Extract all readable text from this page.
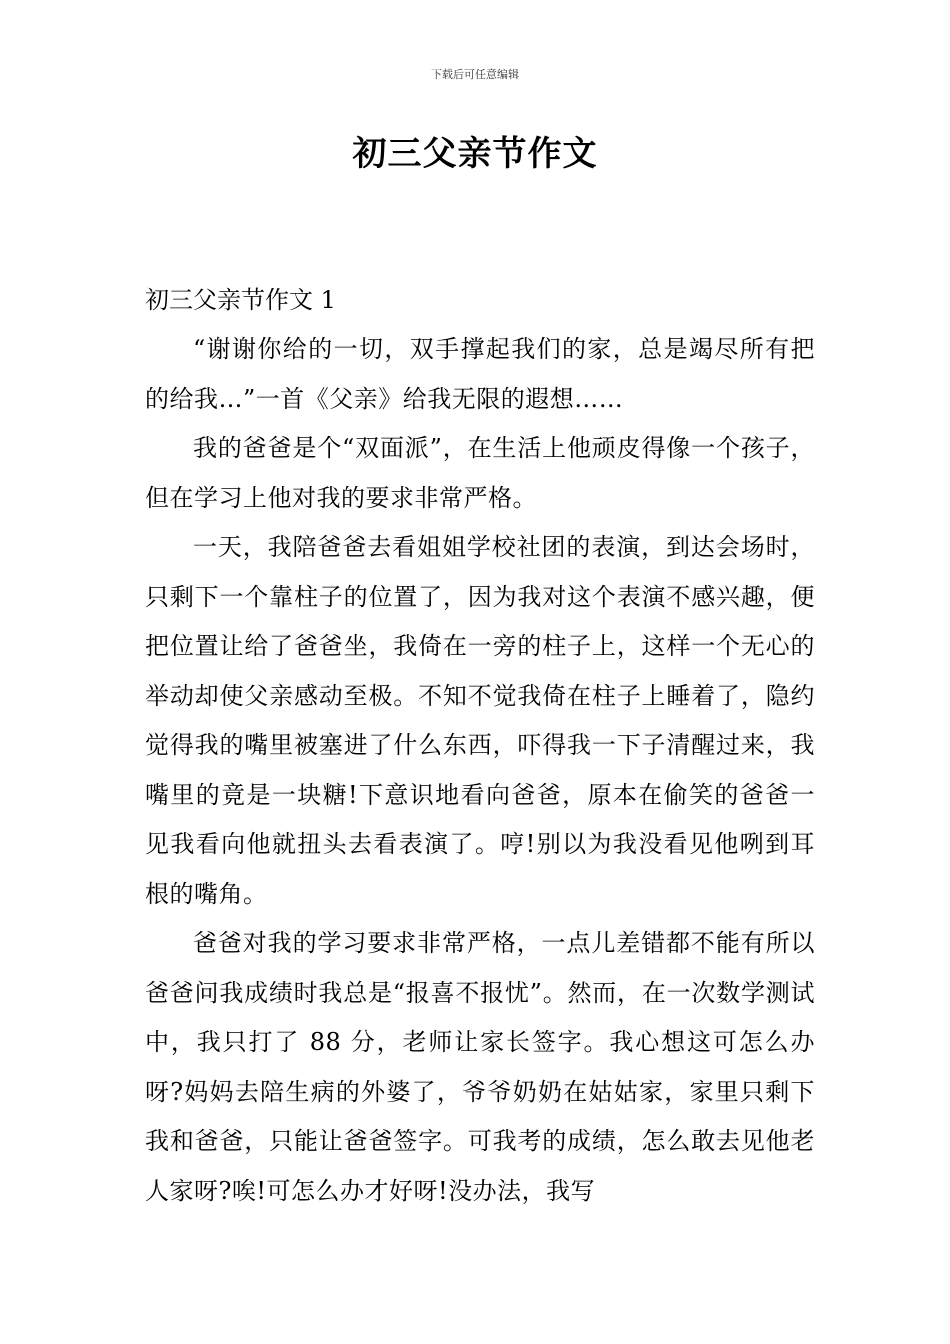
下载后可任意编辑
初三父亲节作文

初三父亲节作文 1

“谢谢你给的一切，双手撑起我们的家，总是竭尽所有把的给我…”一首《父亲》给我无限的遐想……

我的爸爸是个“双面派”，在生活上他顽皮得像一个孩子，但在学习上他对我的要求非常严格。

一天，我陪爸爸去看姐姐学校社团的表演，到达会场时，只剩下一个靠柱子的位置了，因为我对这个表演不感兴趣，便把位置让给了爸爸坐，我倚在一旁的柱子上，这样一个无心的举动却使父亲感动至极。不知不觉我倚在柱子上睡着了，隐约觉得我的嘴里被塞进了什么东西，吓得我一下子清醒过来，我嘴里的竟是一块糖!下意识地看向爸爸，原本在偷笑的爸爸一见我看向他就扭头去看表演了。哼!别以为我没看见他咧到耳根的嘴角。

爸爸对我的学习要求非常严格，一点儿差错都不能有所以爸爸问我成绩时我总是“报喜不报忧”。然而，在一次数学测试中，我只打了 88 分，老师让家长签字。我心想这可怎么办呀?妈妈去陪生病的外婆了，爷爷奶奶在姑姑家，家里只剩下我和爸爸，只能让爸爸签字。可我考的成绩，怎么敢去见他老人家呀?唉!可怎么办才好呀!没办法，我写
